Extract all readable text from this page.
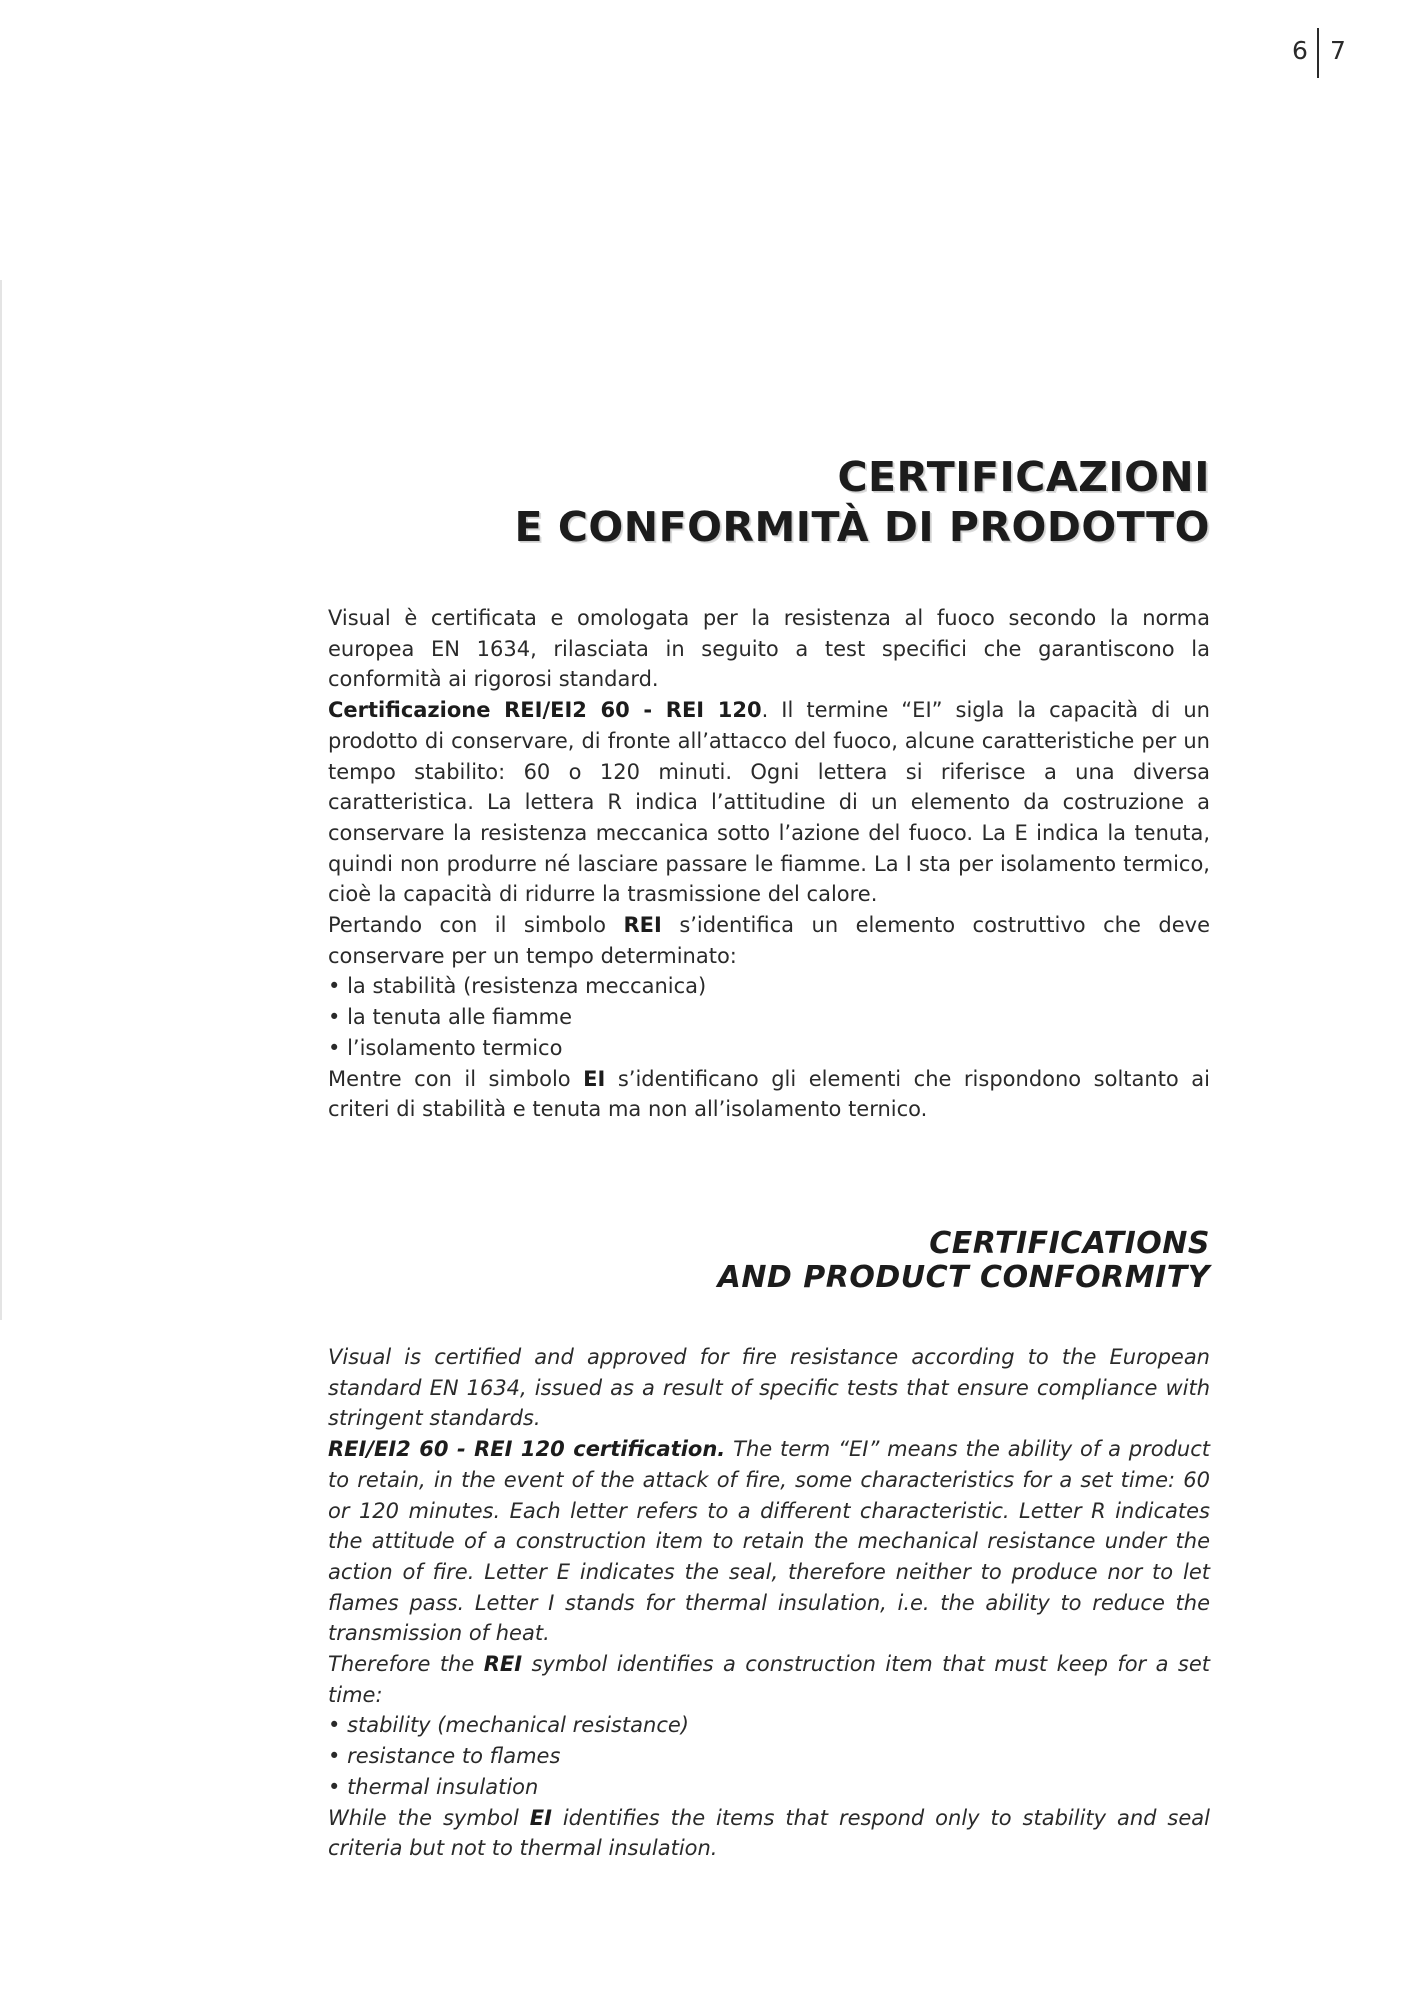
6 7
CERTIFICAZIONI
E CONFORMITÀ DI PRODOTTO

Visual è certificata e omologata per la resistenza al fuoco secondo la norma europea EN 1634, rilasciata in seguito a test specifici che garantiscono la conformità ai rigorosi standard.

Certificazione REI/EI2 60 - REI 120. Il termine “EI” sigla la capacità di un prodotto di conservare, di fronte all’attacco del fuoco, alcune caratteristiche per un tempo stabilito: 60 o 120 minuti. Ogni lettera si riferisce a una diversa caratteristica. La lettera R indica l’attitudine di un elemento da costruzione a conservare la resistenza meccanica sotto l’azione del fuoco. La E indica la tenuta, quindi non produrre né lasciare passare le fiamme. La I sta per isolamento termico, cioè la capacità di ridurre la trasmissione del calore.

Pertando con il simbolo REI s’identifica un elemento costruttivo che deve conservare per un tempo determinato:

• la stabilità (resistenza meccanica)
• la tenuta alle fiamme
• l’isolamento termico

Mentre con il simbolo EI s’identificano gli elementi che rispondono soltanto ai criteri di stabilità e tenuta ma non all’isolamento ternico.

CERTIFICATIONS
AND PRODUCT CONFORMITY

Visual is certified and approved for fire resistance according to the European standard EN 1634, issued as a result of specific tests that ensure compliance with stringent standards.

REI/EI2 60 - REI 120 certification. The term “EI” means the ability of a product to retain, in the event of the attack of fire, some characteristics for a set time: 60 or 120 minutes. Each letter refers to a different characteristic. Letter R indicates the attitude of a construction item to retain the mechanical resistance under the action of fire. Letter E indicates the seal, therefore neither to produce nor to let flames pass. Letter I stands for thermal insulation, i.e. the ability to reduce the transmission of heat.

Therefore the REI symbol identifies a construction item that must keep for a set time:

• stability (mechanical resistance)
• resistance to flames
• thermal insulation

While the symbol EI identifies the items that respond only to stability and seal criteria but not to thermal insulation.
